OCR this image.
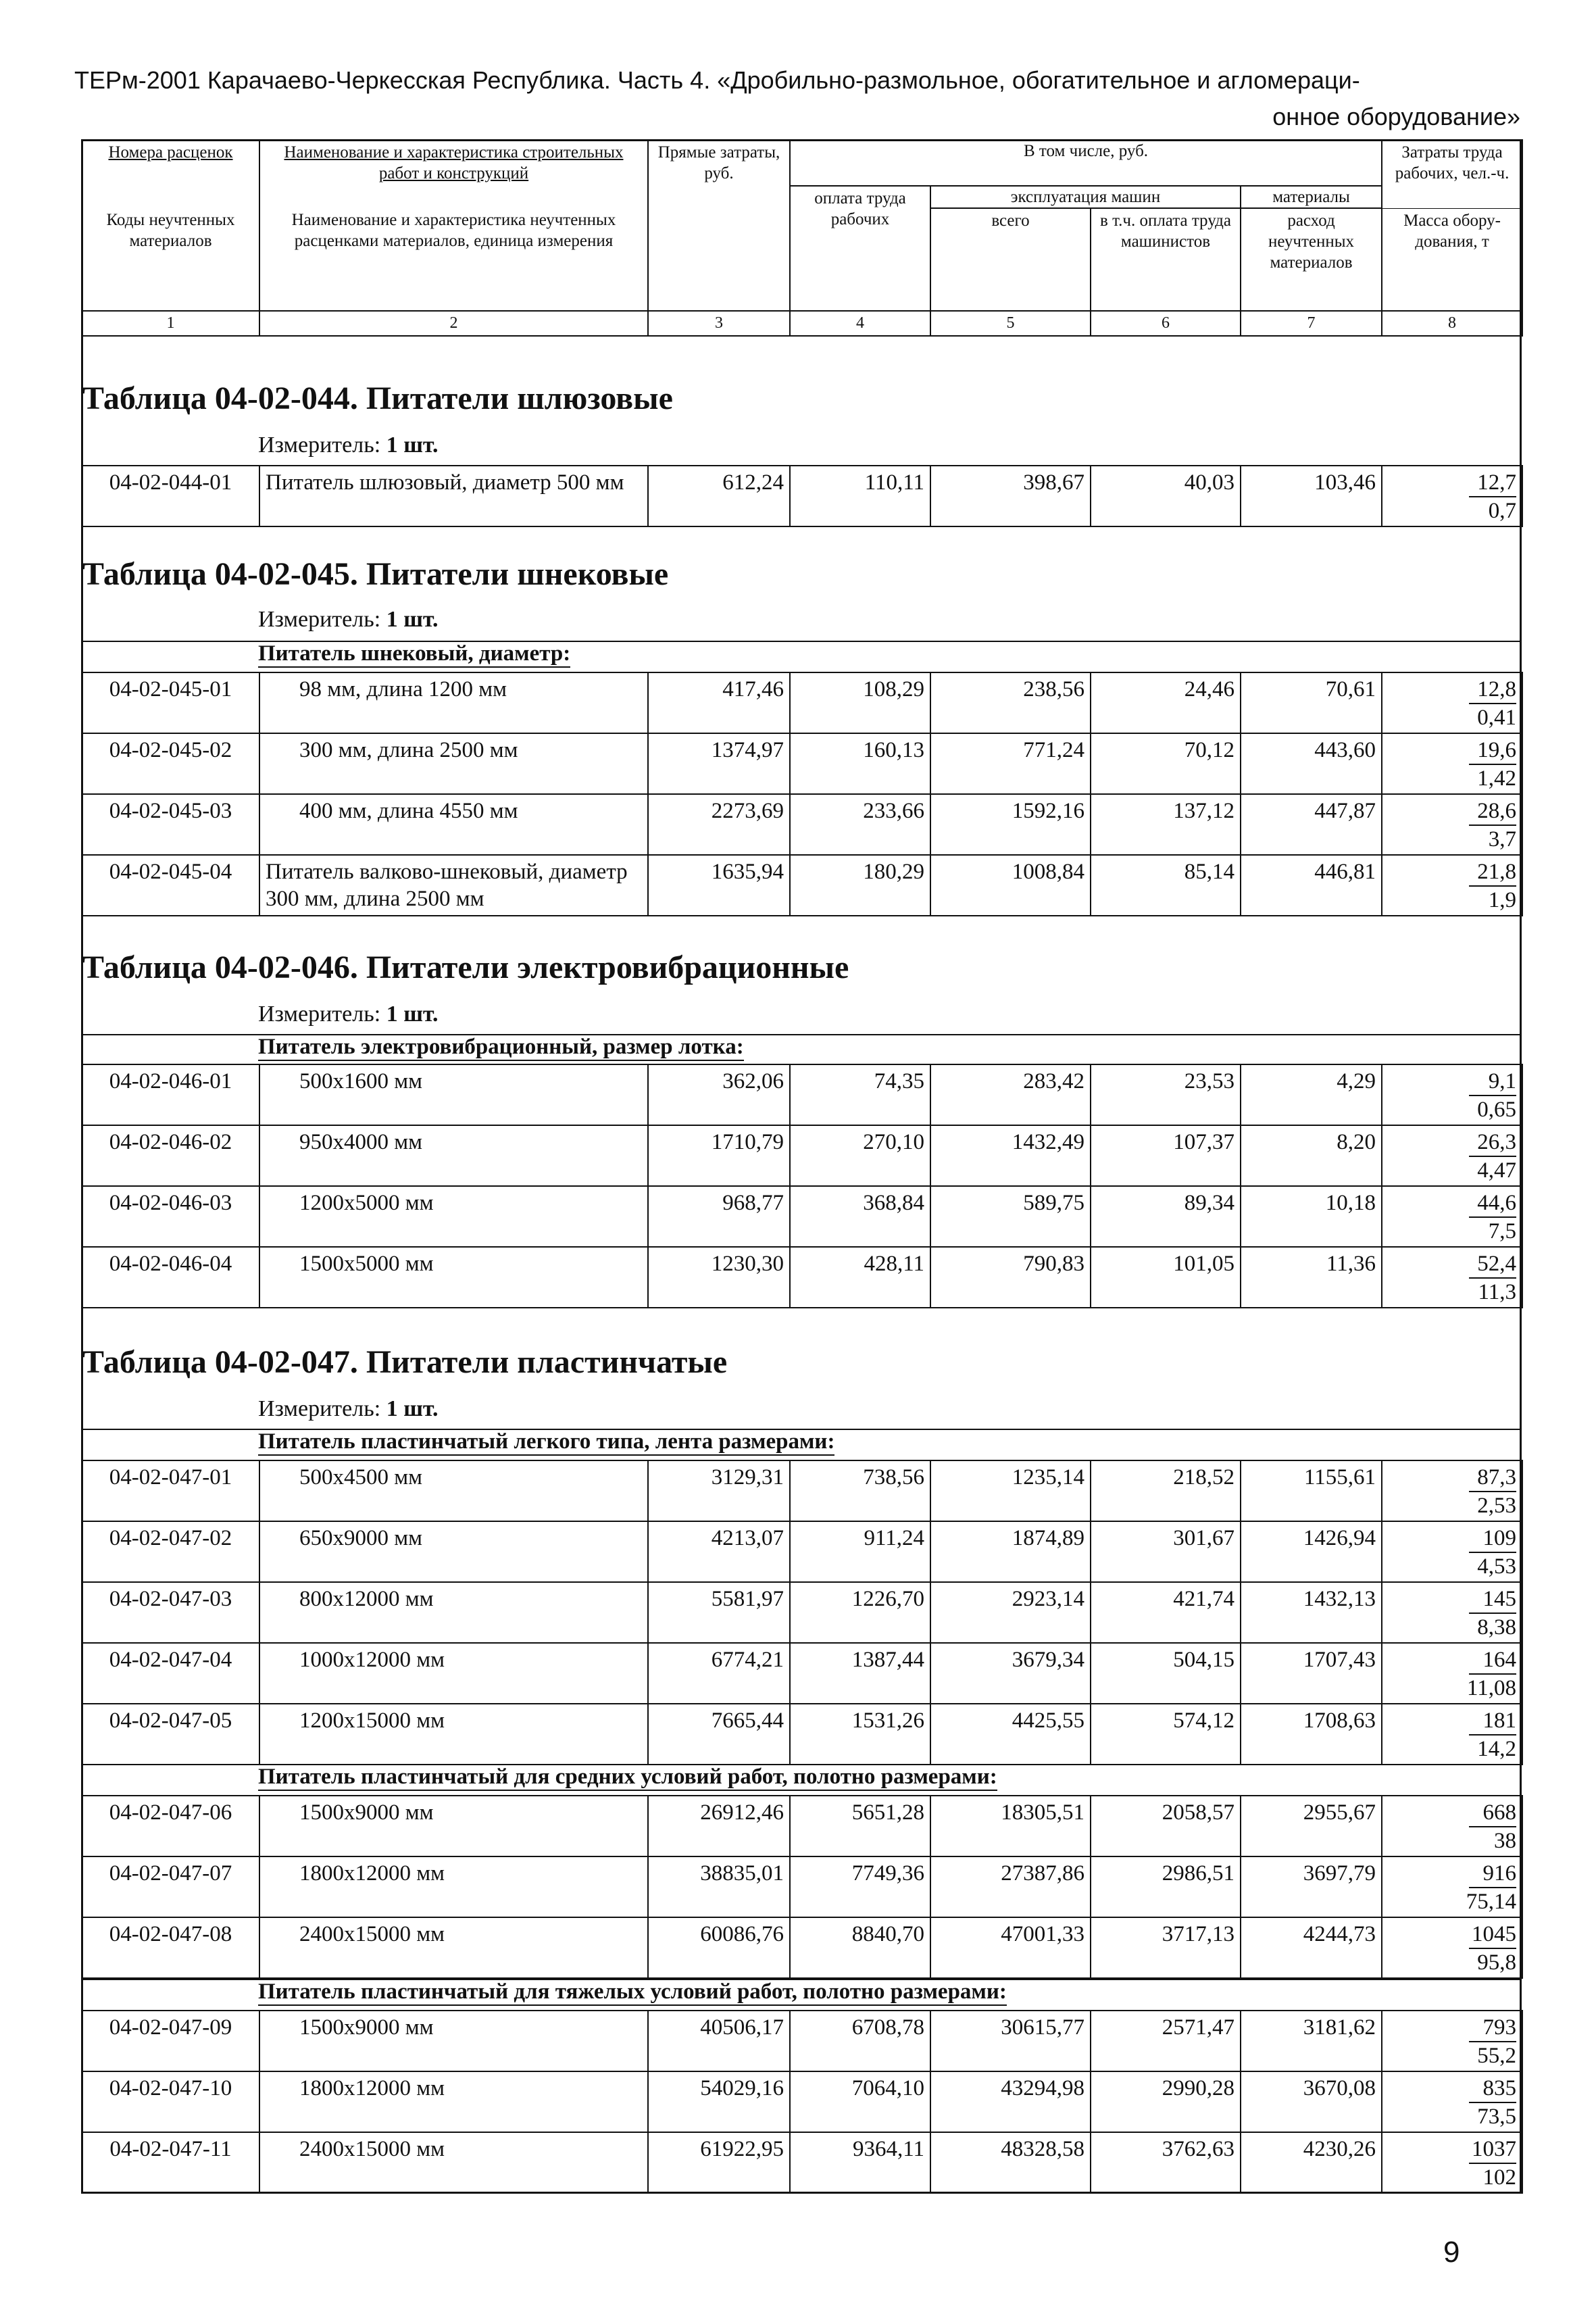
ТЕРм-2001 Карачаево-Черкесская Республика. Часть 4. «Дробильно-размольное, обогатительное и агломераци-
онное оборудование»
Номера расценок	Наименование и характеристика строительных работ и конструкций	Прямые затраты, руб.	В том числе, руб.				Затраты труда рабочих, чел.-ч.
			оплата труда рабочих	эксплуатация машин		материалы	
Коды неучтенных материалов	Наименование и характеристика неучтенных расценками материалов, единица измерения			всего	в т.ч. оплата труда машинистов	расход неучтенных материалов	Масса обору-дования, т
1	2	3	4	5	6	7	8
Таблица 04-02-044. Питатели шлюзовые
Измеритель: 1 шт.
04-02-044-01	Питатель шлюзовый, диаметр 500 мм	612,24	110,11	398,67	40,03	103,46	12,7
0,7
Таблица 04-02-045. Питатели шнековые
Измеритель: 1 шт.
Питатель шнековый, диаметр:
04-02-045-01	98 мм, длина 1200 мм	417,46	108,29	238,56	24,46	70,61	12,8
0,41
04-02-045-02	300 мм, длина 2500 мм	1374,97	160,13	771,24	70,12	443,60	19,6
1,42
04-02-045-03	400 мм, длина 4550 мм	2273,69	233,66	1592,16	137,12	447,87	28,6
3,7
04-02-045-04	Питатель валково-шнековый, диаметр 300 мм, длина 2500 мм	1635,94	180,29	1008,84	85,14	446,81	21,8
1,9
Таблица 04-02-046. Питатели электровибрационные
Измеритель: 1 шт.
Питатель электровибрационный, размер лотка:
04-02-046-01	500x1600 мм	362,06	74,35	283,42	23,53	4,29	9,1
0,65
04-02-046-02	950x4000 мм	1710,79	270,10	1432,49	107,37	8,20	26,3
4,47
04-02-046-03	1200x5000 мм	968,77	368,84	589,75	89,34	10,18	44,6
7,5
04-02-046-04	1500x5000 мм	1230,30	428,11	790,83	101,05	11,36	52,4
11,3
Таблица 04-02-047. Питатели пластинчатые
Измеритель: 1 шт.
Питатель пластинчатый легкого типа, лента размерами:
04-02-047-01	500x4500 мм	3129,31	738,56	1235,14	218,52	1155,61	87,3
2,53
04-02-047-02	650x9000 мм	4213,07	911,24	1874,89	301,67	1426,94	109
4,53
04-02-047-03	800x12000 мм	5581,97	1226,70	2923,14	421,74	1432,13	145
8,38
04-02-047-04	1000x12000 мм	6774,21	1387,44	3679,34	504,15	1707,43	164
11,08
04-02-047-05	1200x15000 мм	7665,44	1531,26	4425,55	574,12	1708,63	181
14,2
Питатель пластинчатый для средних условий работ, полотно размерами:
04-02-047-06	1500x9000 мм	26912,46	5651,28	18305,51	2058,57	2955,67	668
38
04-02-047-07	1800x12000 мм	38835,01	7749,36	27387,86	2986,51	3697,79	916
75,14
04-02-047-08	2400x15000 мм	60086,76	8840,70	47001,33	3717,13	4244,73	1045
95,8
Питатель пластинчатый для тяжелых условий работ, полотно размерами:
04-02-047-09	1500x9000 мм	40506,17	6708,78	30615,77	2571,47	3181,62	793
55,2
04-02-047-10	1800x12000 мм	54029,16	7064,10	43294,98	2990,28	3670,08	835
73,5
04-02-047-11	2400x15000 мм	61922,95	9364,11	48328,58	3762,63	4230,26	1037
102
9
